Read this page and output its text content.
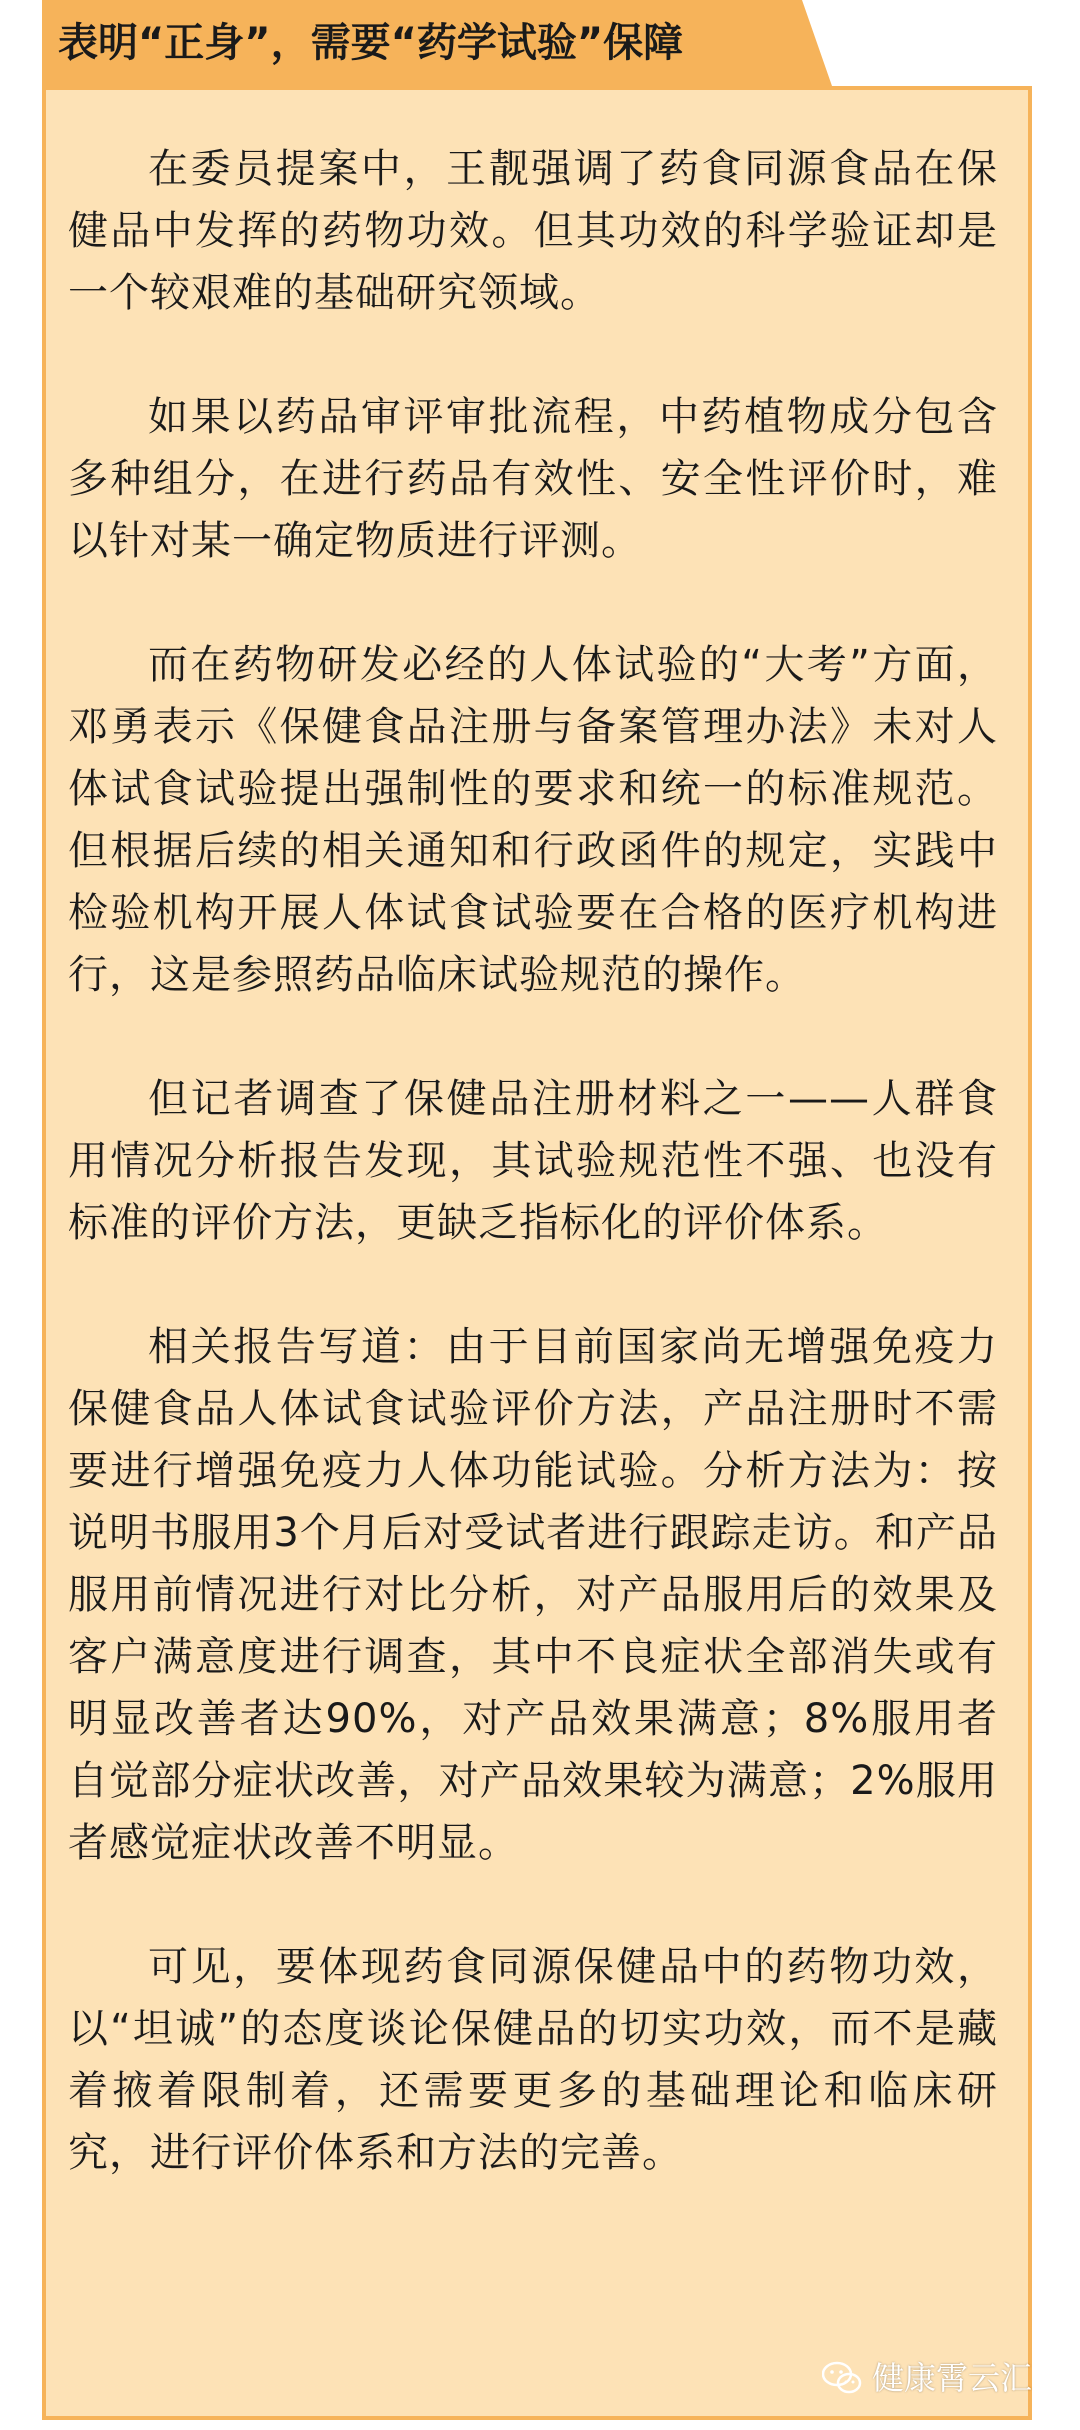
表明“正身”，需要“药学试验”保障

在委员提案中，王靓强调了药食同源食品在保健品中发挥的药物功效。但其功效的科学验证却是一个较艰难的基础研究领域。

如果以药品审评审批流程，中药植物成分包含多种组分，在进行药品有效性、安全性评价时，难以针对某一确定物质进行评测。

而在药物研发必经的人体试验的“大考”方面，邓勇表示《保健食品注册与备案管理办法》未对人体试食试验提出强制性的要求和统一的标准规范。但根据后续的相关通知和行政函件的规定，实践中检验机构开展人体试食试验要在合格的医疗机构进行，这是参照药品临床试验规范的操作。

但记者调查了保健品注册材料之一——人群食用情况分析报告发现，其试验规范性不强、也没有标准的评价方法，更缺乏指标化的评价体系。

相关报告写道：由于目前国家尚无增强免疫力保健食品人体试食试验评价方法，产品注册时不需要进行增强免疫力人体功能试验。分析方法为：按说明书服用3个月后对受试者进行跟踪走访。和产品服用前情况进行对比分析，对产品服用后的效果及客户满意度进行调查，其中不良症状全部消失或有明显改善者达90%，对产品效果满意；8%服用者自觉部分症状改善，对产品效果较为满意；2%服用者感觉症状改善不明显。

可见，要体现药食同源保健品中的药物功效，以“坦诚”的态度谈论保健品的切实功效，而不是藏着掖着限制着，还需要更多的基础理论和临床研究，进行评价体系和方法的完善。

健康霄云汇
